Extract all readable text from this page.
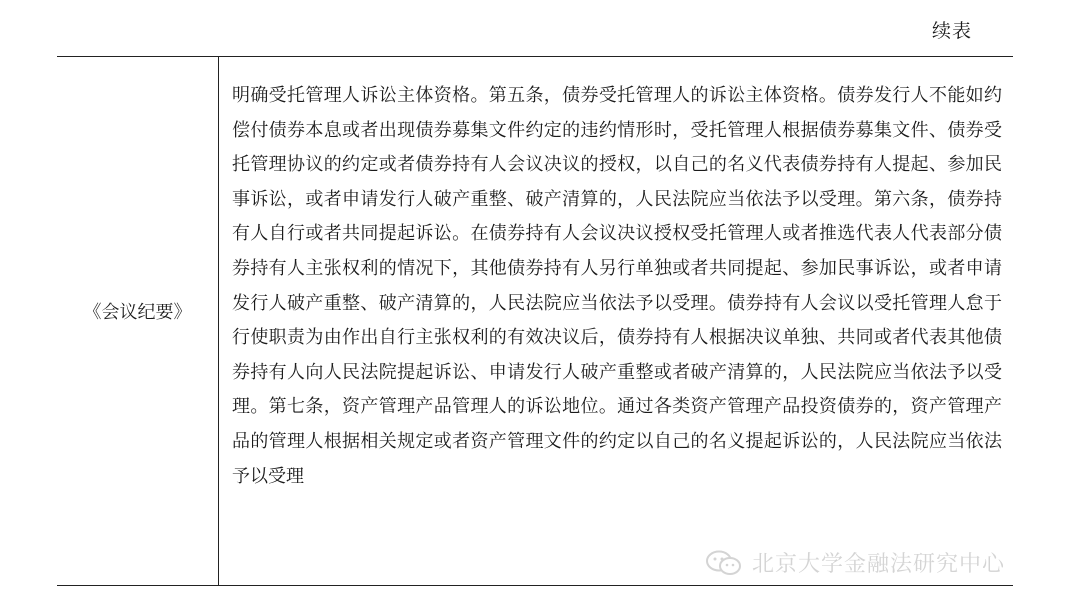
续表
《会议纪要》
明确受托管理人诉讼主体资格。第五条，债券受托管理人的诉讼主体资格。债券发行人不能如约偿付债券本息或者出现债券募集文件约定的违约情形时，受托管理人根据债券募集文件、债券受托管理协议的约定或者债券持有人会议决议的授权，以自己的名义代表债券持有人提起、参加民事诉讼，或者申请发行人破产重整、破产清算的，人民法院应当依法予以受理。第六条，债券持有人自行或者共同提起诉讼。在债券持有人会议决议授权受托管理人或者推选代表人代表部分债券持有人主张权利的情况下，其他债券持有人另行单独或者共同提起、参加民事诉讼，或者申请发行人破产重整、破产清算的，人民法院应当依法予以受理。债券持有人会议以受托管理人怠于行使职责为由作出自行主张权利的有效决议后，债券持有人根据决议单独、共同或者代表其他债券持有人向人民法院提起诉讼、申请发行人破产重整或者破产清算的，人民法院应当依法予以受理。第七条，资产管理产品管理人的诉讼地位。通过各类资产管理产品投资债券的，资产管理产品的管理人根据相关规定或者资产管理文件的约定以自己的名义提起诉讼的，人民法院应当依法予以受理
北京大学金融法研究中心
